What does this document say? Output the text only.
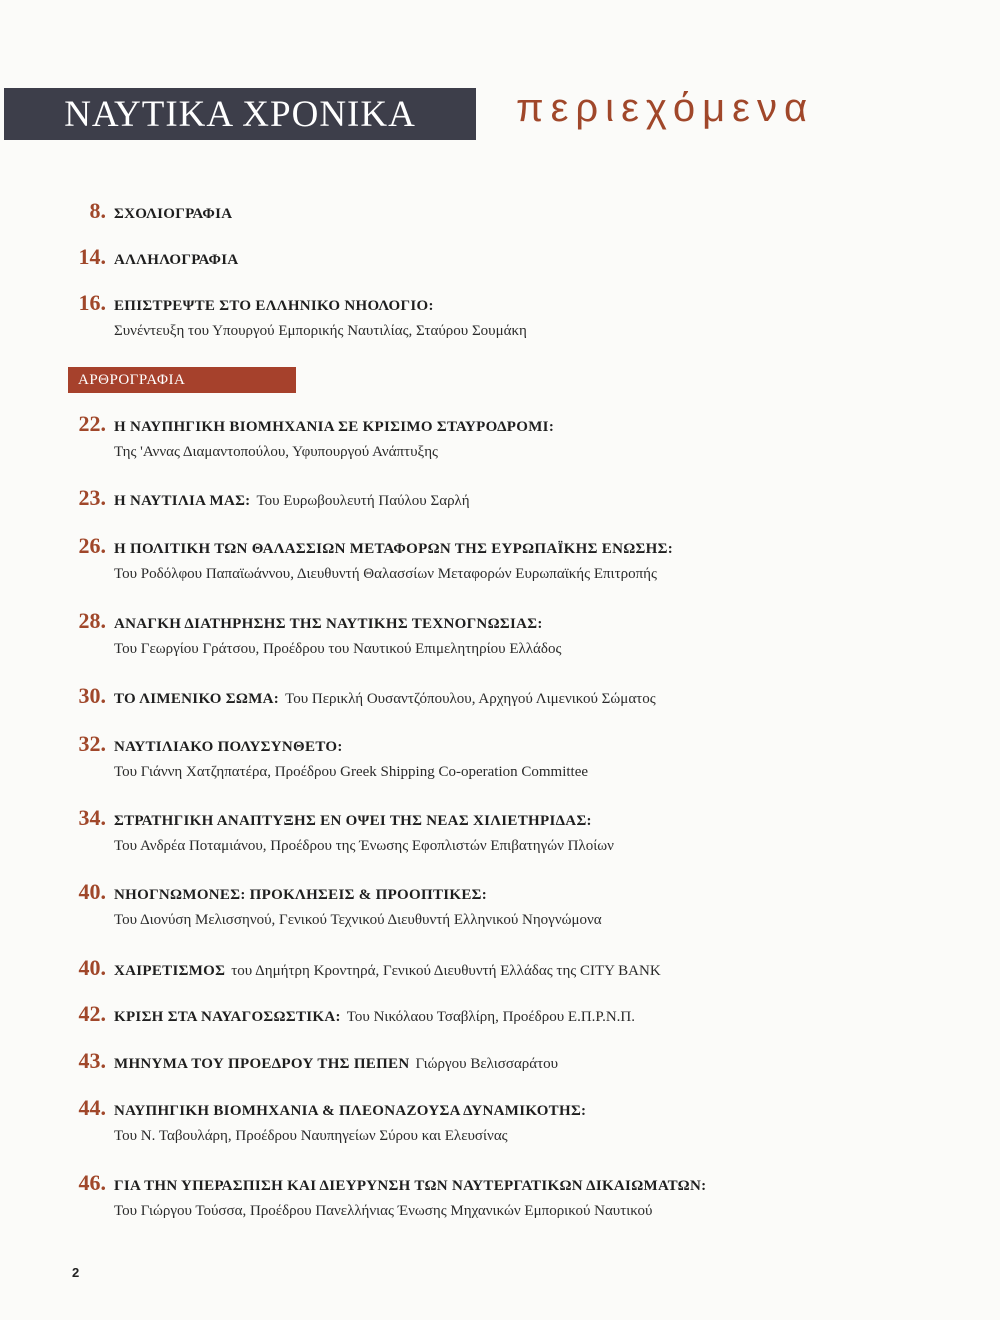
ΝΑΥΤΙΚΑ ΧΡΟΝΙΚΑ	περιεχόμενα
ΑΡΘΡΟΓΡΑΦΙΑ
8. ΣΧΟΛΙΟΓΡΑΦΙΑ
14. ΑΛΛΗΛΟΓΡΑΦΙΑ
16. ΕΠΙΣΤΡΕΨΤΕ ΣΤΟ ΕΛΛΗΝΙΚΟ ΝΗΟΛΟΓΙΟ:
Συνέντευξη του Υπουργού Εμπορικής Ναυτιλίας, Σταύρου Σουμάκη
22. Η ΝΑΥΠΗΓΙΚΗ ΒΙΟΜΗΧΑΝΙΑ ΣΕ ΚΡΙΣΙΜΟ ΣΤΑΥΡΟΔΡΟΜΙ:
Της 'Αννας Διαμαντοπούλου, Υφυπουργού Ανάπτυξης
23. Η ΝΑΥΤΙΛΙΑ ΜΑΣ: Του Ευρωβουλευτή Παύλου Σαρλή
26. Η ΠΟΛΙΤΙΚΗ ΤΩΝ ΘΑΛΑΣΣΙΩΝ ΜΕΤΑΦΟΡΩΝ ΤΗΣ ΕΥΡΩΠΑΪΚΗΣ ΕΝΩΣΗΣ:
Του Ροδόλφου Παπαϊωάννου, Διευθυντή Θαλασσίων Μεταφορών Ευρωπαϊκής Επιτροπής
28. ΑΝΑΓΚΗ ΔΙΑΤΗΡΗΣΗΣ ΤΗΣ ΝΑΥΤΙΚΗΣ ΤΕΧΝΟΓΝΩΣΙΑΣ:
Του Γεωργίου Γράτσου, Προέδρου του Ναυτικού Επιμελητηρίου Ελλάδος
30. ΤΟ ΛΙΜΕΝΙΚΟ ΣΩΜΑ: Του Περικλή Ουσαντζόπουλου, Αρχηγού Λιμενικού Σώματος
32. ΝΑΥΤΙΛΙΑΚΟ ΠΟΛΥΣΥΝΘΕΤΟ:
Του Γιάννη Χατζηπατέρα, Προέδρου Greek Shipping Co-operation Committee
34. ΣΤΡΑΤΗΓΙΚΗ ΑΝΑΠΤΥΞΗΣ ΕΝ ΟΨΕΙ ΤΗΣ ΝΕΑΣ ΧΙΛΙΕΤΗΡΙΔΑΣ:
Του Ανδρέα Ποταμιάνου, Προέδρου της Ένωσης Εφοπλιστών Επιβατηγών Πλοίων
40. ΝΗΟΓΝΩΜΟΝΕΣ: ΠΡΟΚΛΗΣΕΙΣ & ΠΡΟΟΠΤΙΚΕΣ:
Του Διονύση Μελισσηνού, Γενικού Τεχνικού Διευθυντή Ελληνικού Νηογνώμονα
40. ΧΑΙΡΕΤΙΣΜΟΣ του Δημήτρη Κροντηρά, Γενικού Διευθυντή Ελλάδας της CITY BANK
42. ΚΡΙΣΗ ΣΤΑ ΝΑΥΑΓΟΣΩΣΤΙΚΑ: Του Νικόλαου Τσαβλίρη, Προέδρου Ε.Π.Ρ.Ν.Π.
43. ΜΗΝΥΜΑ ΤΟΥ ΠΡΟΕΔΡΟΥ ΤΗΣ ΠΕΠΕΝ Γιώργου Βελισσαράτου
44. ΝΑΥΠΗΓΙΚΗ ΒΙΟΜΗΧΑΝΙΑ & ΠΛΕΟΝΑΖΟΥΣΑ ΔΥΝΑΜΙΚΟΤΗΣ:
Του Ν. Ταβουλάρη, Προέδρου Ναυπηγείων Σύρου και Ελευσίνας
46. ΓΙΑ ΤΗΝ ΥΠΕΡΑΣΠΙΣΗ ΚΑΙ ΔΙΕΥΡΥΝΣΗ ΤΩΝ ΝΑΥΤΕΡΓΑΤΙΚΩΝ ΔΙΚΑΙΩΜΑΤΩΝ:
Του Γιώργου Τούσσα, Προέδρου Πανελλήνιας Ένωσης Μηχανικών Εμπορικού Ναυτικού
2
